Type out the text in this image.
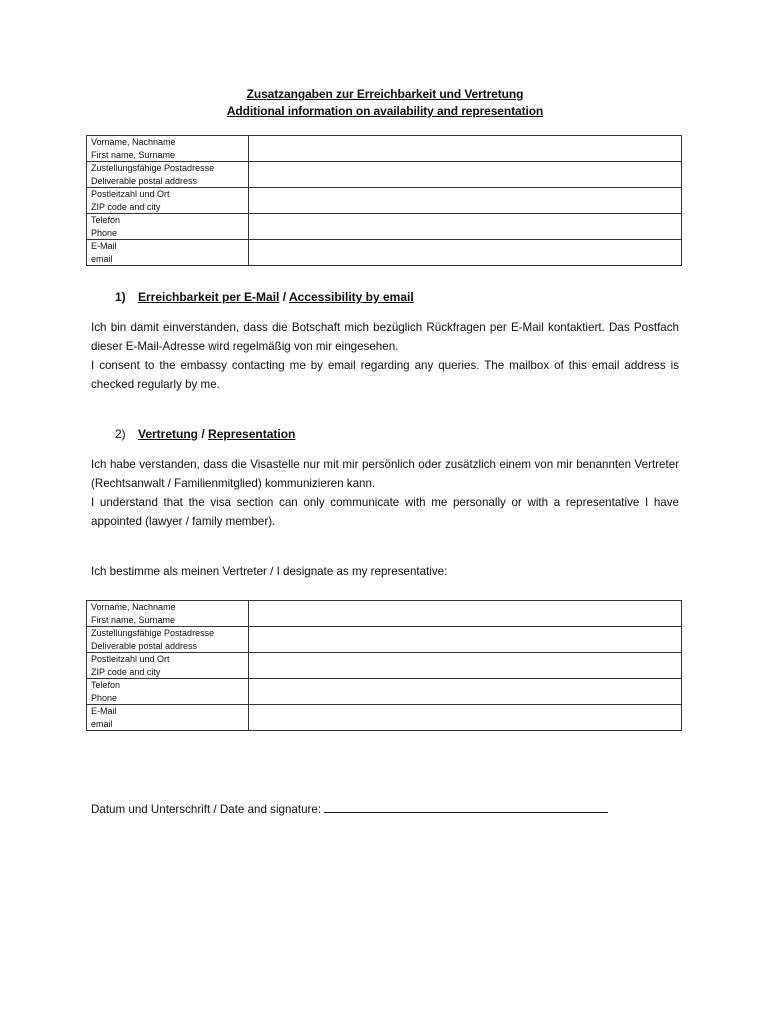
Zusatzangaben zur Erreichbarkeit und Vertretung
Additional information on availability and representation
Vorname, Nachname
First name, Surname	

Zustellungsfähige Postadresse
Deliverable postal address	

Postleitzahl und Ort
ZIP code and city	

Telefon
Phone	

E-Mail
email	

1) Erreichbarkeit per E-Mail / Accessibility by email

Ich bin damit einverstanden, dass die Botschaft mich bezüglich Rückfragen per E-Mail kontaktiert. Das Postfach dieser E-Mail-Adresse wird regelmäßig von mir eingesehen.

I consent to the embassy contacting me by email regarding any queries. The mailbox of this email address is checked regularly by me.

2) Vertretung / Representation

Ich habe verstanden, dass die Visastelle nur mit mir persönlich oder zusätzlich einem von mir benannten Vertreter (Rechtsanwalt / Familienmitglied) kommunizieren kann.

I understand that the visa section can only communicate with me personally or with a representative I have appointed (lawyer / family member).

Ich bestimme als meinen Vertreter / I designate as my representative:
Vorname, Nachname
First name, Surname	

Zustellungsfähige Postadresse
Deliverable postal address	

Postleitzahl und Ort
ZIP code and city	

Telefon
Phone	

E-Mail
email	

Datum und Unterschrift / Date and signature:
